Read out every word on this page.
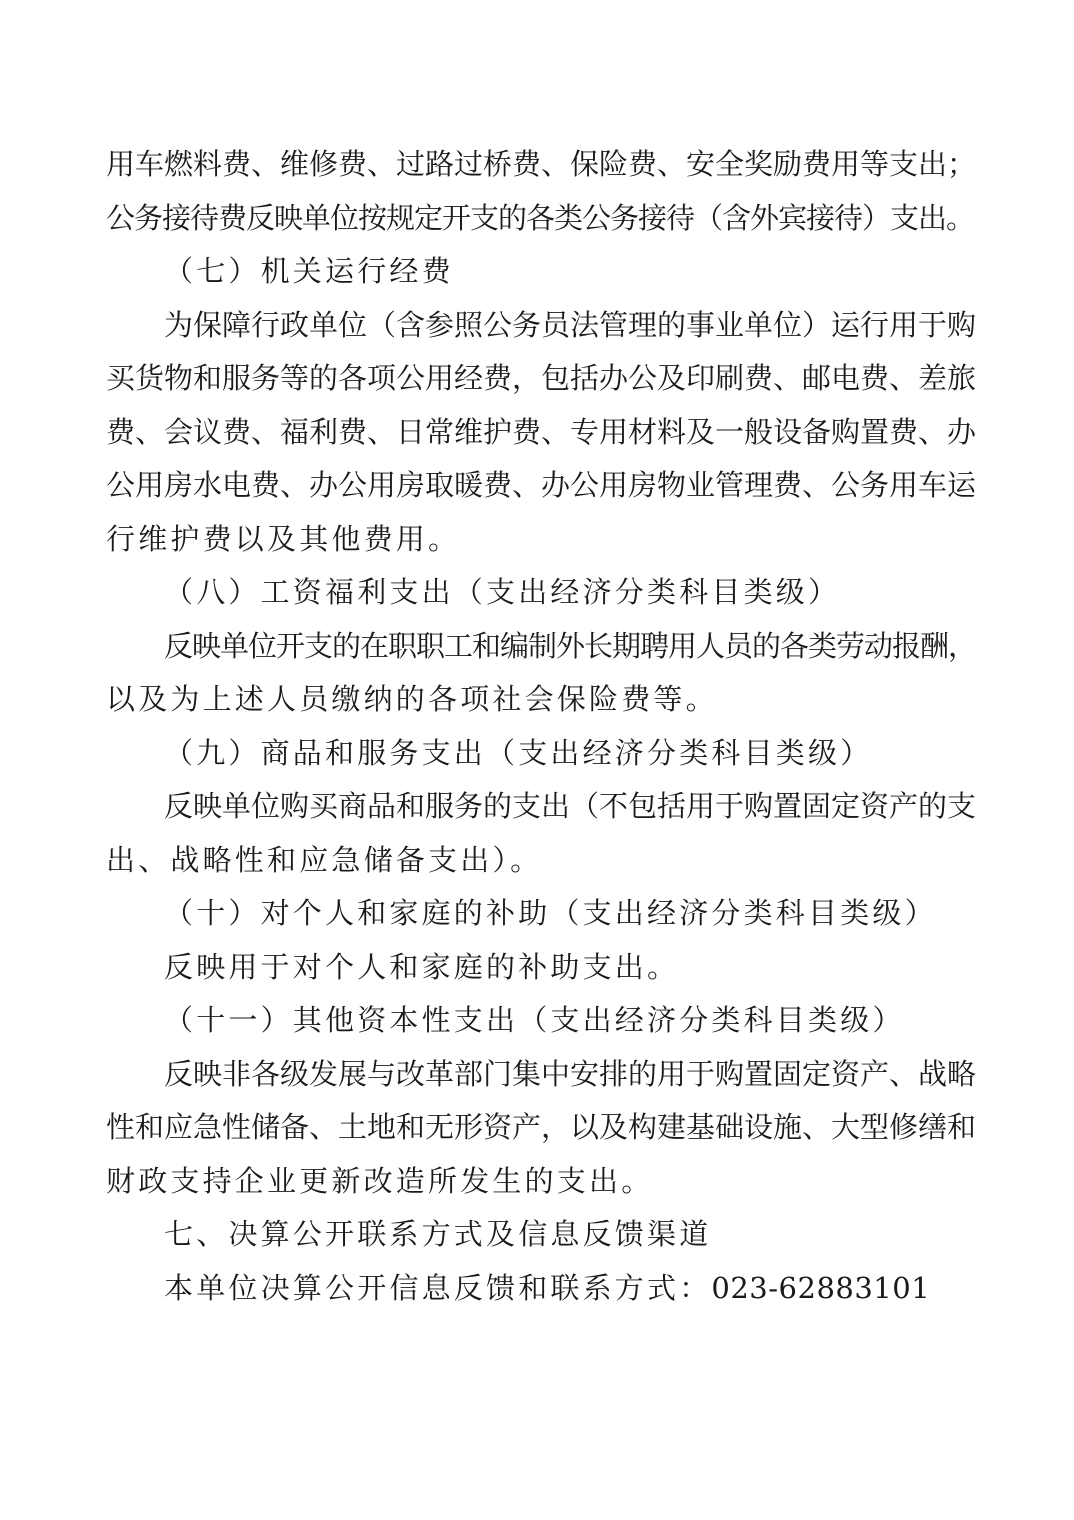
用车燃料费、维修费、过路过桥费、保险费、安全奖励费用等支出；
公务接待费反映单位按规定开支的各类公务接待（含外宾接待）支出。
（七）机关运行经费
为保障行政单位（含参照公务员法管理的事业单位）运行用于购
买货物和服务等的各项公用经费，包括办公及印刷费、邮电费、差旅
费、会议费、福利费、日常维护费、专用材料及一般设备购置费、办
公用房水电费、办公用房取暖费、办公用房物业管理费、公务用车运
行维护费以及其他费用。
（八）工资福利支出（支出经济分类科目类级）
反映单位开支的在职职工和编制外长期聘用人员的各类劳动报酬，
以及为上述人员缴纳的各项社会保险费等。
（九）商品和服务支出（支出经济分类科目类级）
反映单位购买商品和服务的支出（不包括用于购置固定资产的支
出、战略性和应急储备支出）。
（十）对个人和家庭的补助（支出经济分类科目类级）
反映用于对个人和家庭的补助支出。
（十一）其他资本性支出（支出经济分类科目类级）
反映非各级发展与改革部门集中安排的用于购置固定资产、战略
性和应急性储备、土地和无形资产，以及构建基础设施、大型修缮和
财政支持企业更新改造所发生的支出。
七、决算公开联系方式及信息反馈渠道
本单位决算公开信息反馈和联系方式：023-62883101
